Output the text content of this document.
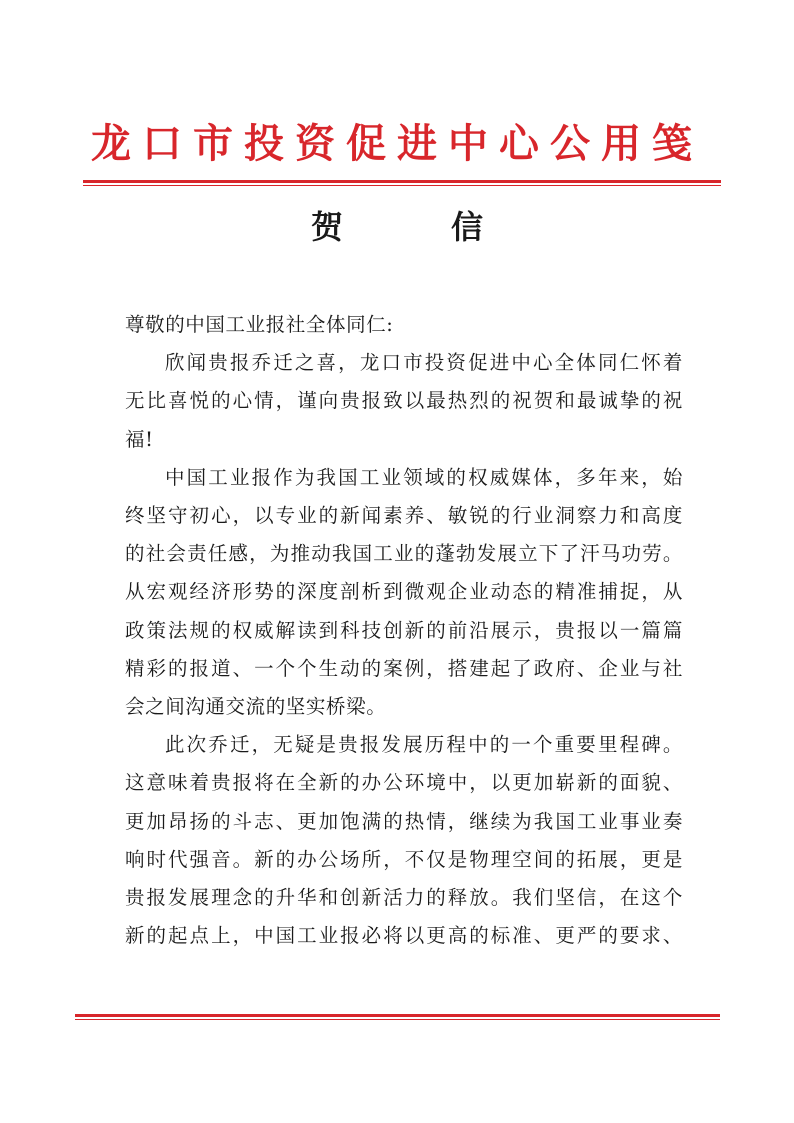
龙口市投资促进中心公用笺
贺　信
尊敬的中国工业报社全体同仁:
欣闻贵报乔迁之喜，龙口市投资促进中心全体同仁怀着
无比喜悦的心情，谨向贵报致以最热烈的祝贺和最诚挚的祝
福!
中国工业报作为我国工业领域的权威媒体，多年来，始
终坚守初心，以专业的新闻素养、敏锐的行业洞察力和高度
的社会责任感，为推动我国工业的蓬勃发展立下了汗马功劳。
从宏观经济形势的深度剖析到微观企业动态的精准捕捉，从
政策法规的权威解读到科技创新的前沿展示，贵报以一篇篇
精彩的报道、一个个生动的案例，搭建起了政府、企业与社
会之间沟通交流的坚实桥梁。
此次乔迁，无疑是贵报发展历程中的一个重要里程碑。
这意味着贵报将在全新的办公环境中，以更加崭新的面貌、
更加昂扬的斗志、更加饱满的热情，继续为我国工业事业奏
响时代强音。新的办公场所，不仅是物理空间的拓展，更是
贵报发展理念的升华和创新活力的释放。我们坚信，在这个
新的起点上，中国工业报必将以更高的标准、更严的要求、
